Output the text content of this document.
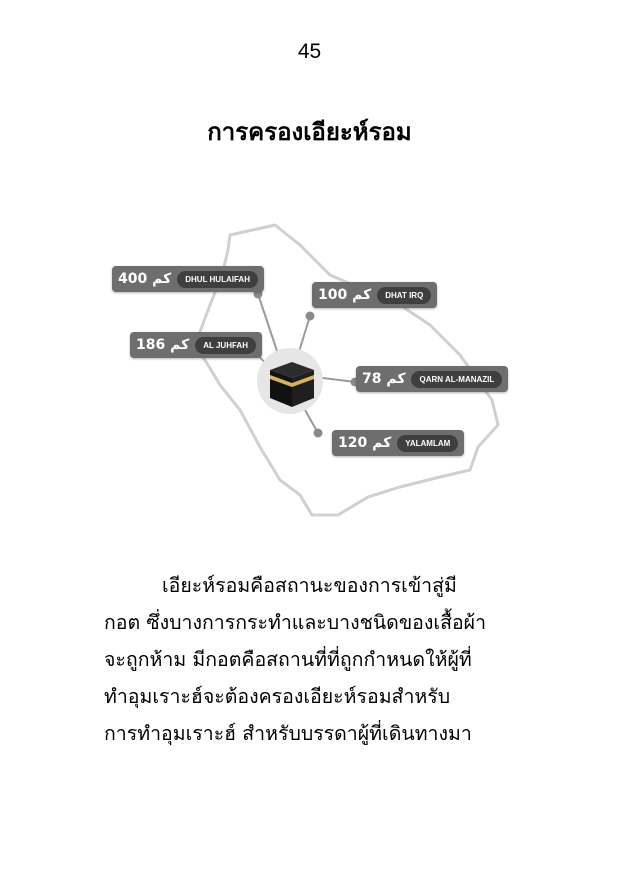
45
การครองเอียะห์รอม
400 كم	DHUL HULAIFAH
100 كم	DHAT IRQ
186 كم	AL JUHFAH
78 كم	QARN AL-MANAZIL
120 كم	YALAMLAM
เอียะห์รอมคือสถานะของการเข้าสู่มี
กอต ซึ่งบางการกระทำและบางชนิดของเสื้อผ้า
จะถูกห้าม มีกอตคือสถานที่ที่ถูกกำหนดให้ผู้ที่
ทำอุมเราะฮ์จะต้องครองเอียะห์รอมสำหรับ
การทำอุมเราะฮ์ สำหรับบรรดาผู้ที่เดินทางมา
